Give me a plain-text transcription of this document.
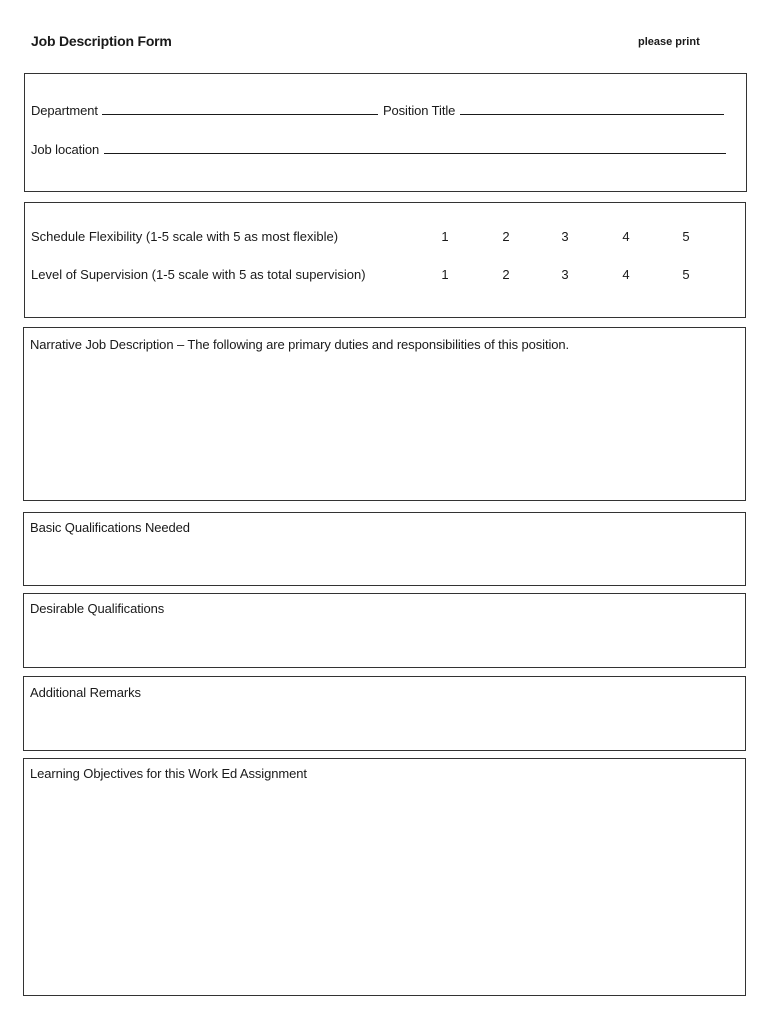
Job Description Form	please print
Department	Position Title
Job location
Schedule Flexibility (1-5 scale with 5 as most flexible)	1	2	3	4	5
Level of Supervision (1-5 scale with 5 as total supervision)	1	2	3	4	5
Narrative Job Description – The following are primary duties and responsibilities of this position.
Basic Qualifications Needed
Desirable Qualifications
Additional Remarks
Learning Objectives for this Work Ed Assignment
